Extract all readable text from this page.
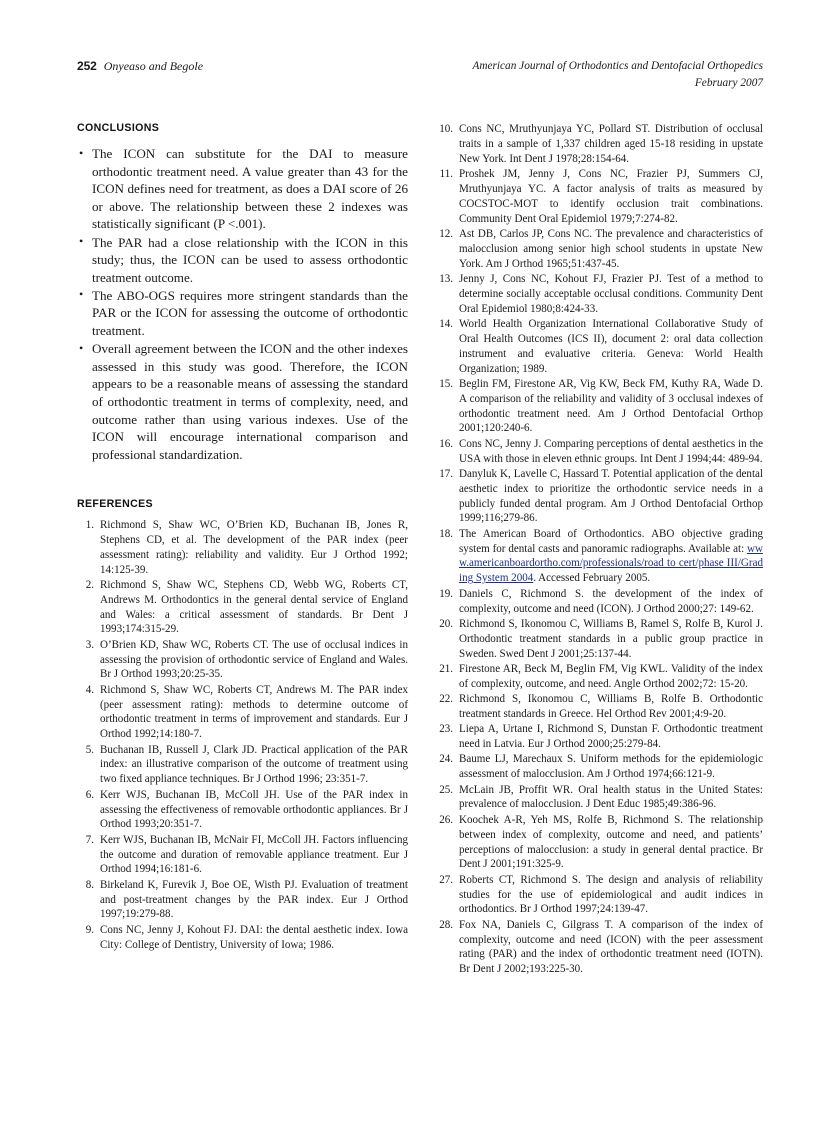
252 Onyeaso and Begole	American Journal of Orthodontics and Dentofacial Orthopedics
February 2007
CONCLUSIONS
• The ICON can substitute for the DAI to measure orthodontic treatment need. A value greater than 43 for the ICON defines need for treatment, as does a DAI score of 26 or above. The relationship between these 2 indexes was statistically significant (P <.001).
• The PAR had a close relationship with the ICON in this study; thus, the ICON can be used to assess orthodontic treatment outcome.
• The ABO-OGS requires more stringent standards than the PAR or the ICON for assessing the outcome of orthodontic treatment.
• Overall agreement between the ICON and the other indexes assessed in this study was good. Therefore, the ICON appears to be a reasonable means of assessing the standard of orthodontic treatment in terms of complexity, need, and outcome rather than using various indexes. Use of the ICON will encourage international comparison and professional standardization.
REFERENCES
1. Richmond S, Shaw WC, O’Brien KD, Buchanan IB, Jones R, Stephens CD, et al. The development of the PAR index (peer assessment rating): reliability and validity. Eur J Orthod 1992; 14:125-39.
2. Richmond S, Shaw WC, Stephens CD, Webb WG, Roberts CT, Andrews M. Orthodontics in the general dental service of England and Wales: a critical assessment of standards. Br Dent J 1993;174:315-29.
3. O’Brien KD, Shaw WC, Roberts CT. The use of occlusal indices in assessing the provision of orthodontic service of England and Wales. Br J Orthod 1993;20:25-35.
4. Richmond S, Shaw WC, Roberts CT, Andrews M. The PAR index (peer assessment rating): methods to determine outcome of orthodontic treatment in terms of improvement and standards. Eur J Orthod 1992;14:180-7.
5. Buchanan IB, Russell J, Clark JD. Practical application of the PAR index: an illustrative comparison of the outcome of treatment using two fixed appliance techniques. Br J Orthod 1996; 23:351-7.
6. Kerr WJS, Buchanan IB, McColl JH. Use of the PAR index in assessing the effectiveness of removable orthodontic appliances. Br J Orthod 1993;20:351-7.
7. Kerr WJS, Buchanan IB, McNair FI, McColl JH. Factors influencing the outcome and duration of removable appliance treatment. Eur J Orthod 1994;16:181-6.
8. Birkeland K, Furevik J, Boe OE, Wisth PJ. Evaluation of treatment and post-treatment changes by the PAR index. Eur J Orthod 1997;19:279-88.
9. Cons NC, Jenny J, Kohout FJ. DAI: the dental aesthetic index. Iowa City: College of Dentistry, University of Iowa; 1986.
10. Cons NC, Mruthyunjaya YC, Pollard ST. Distribution of occlusal traits in a sample of 1,337 children aged 15-18 residing in upstate New York. Int Dent J 1978;28:154-64.
11. Proshek JM, Jenny J, Cons NC, Frazier PJ, Summers CJ, Mruthyunjaya YC. A factor analysis of traits as measured by COCSTOC-MOT to identify occlusion trait combinations. Community Dent Oral Epidemiol 1979;7:274-82.
12. Ast DB, Carlos JP, Cons NC. The prevalence and characteristics of malocclusion among senior high school students in upstate New York. Am J Orthod 1965;51:437-45.
13. Jenny J, Cons NC, Kohout FJ, Frazier PJ. Test of a method to determine socially acceptable occlusal conditions. Community Dent Oral Epidemiol 1980;8:424-33.
14. World Health Organization International Collaborative Study of Oral Health Outcomes (ICS II), document 2: oral data collection instrument and evaluative criteria. Geneva: World Health Organization; 1989.
15. Beglin FM, Firestone AR, Vig KW, Beck FM, Kuthy RA, Wade D. A comparison of the reliability and validity of 3 occlusal indexes of orthodontic treatment need. Am J Orthod Dentofacial Orthop 2001;120:240-6.
16. Cons NC, Jenny J. Comparing perceptions of dental aesthetics in the USA with those in eleven ethnic groups. Int Dent J 1994;44: 489-94.
17. Danyluk K, Lavelle C, Hassard T. Potential application of the dental aesthetic index to prioritize the orthodontic service needs in a publicly funded dental program. Am J Orthod Dentofacial Orthop 1999;116;279-86.
18. The American Board of Orthodontics. ABO objective grading system for dental casts and panoramic radiographs. Available at: www.americanboardortho.com/professionals/road to cert/phase III/Grading System 2004. Accessed February 2005.
19. Daniels C, Richmond S. the development of the index of complexity, outcome and need (ICON). J Orthod 2000;27: 149-62.
20. Richmond S, Ikonomou C, Williams B, Ramel S, Rolfe B, Kurol J. Orthodontic treatment standards in a public group practice in Sweden. Swed Dent J 2001;25:137-44.
21. Firestone AR, Beck M, Beglin FM, Vig KWL. Validity of the index of complexity, outcome, and need. Angle Orthod 2002;72: 15-20.
22. Richmond S, Ikonomou C, Williams B, Rolfe B. Orthodontic treatment standards in Greece. Hel Orthod Rev 2001;4:9-20.
23. Liepa A, Urtane I, Richmond S, Dunstan F. Orthodontic treatment need in Latvia. Eur J Orthod 2000;25:279-84.
24. Baume LJ, Marechaux S. Uniform methods for the epidemiologic assessment of malocclusion. Am J Orthod 1974;66:121-9.
25. McLain JB, Proffit WR. Oral health status in the United States: prevalence of malocclusion. J Dent Educ 1985;49:386-96.
26. Koochek A-R, Yeh MS, Rolfe B, Richmond S. The relationship between index of complexity, outcome and need, and patients’ perceptions of malocclusion: a study in general dental practice. Br Dent J 2001;191:325-9.
27. Roberts CT, Richmond S. The design and analysis of reliability studies for the use of epidemiological and audit indices in orthodontics. Br J Orthod 1997;24:139-47.
28. Fox NA, Daniels C, Gilgrass T. A comparison of the index of complexity, outcome and need (ICON) with the peer assessment rating (PAR) and the index of orthodontic treatment need (IOTN). Br Dent J 2002;193:225-30.
